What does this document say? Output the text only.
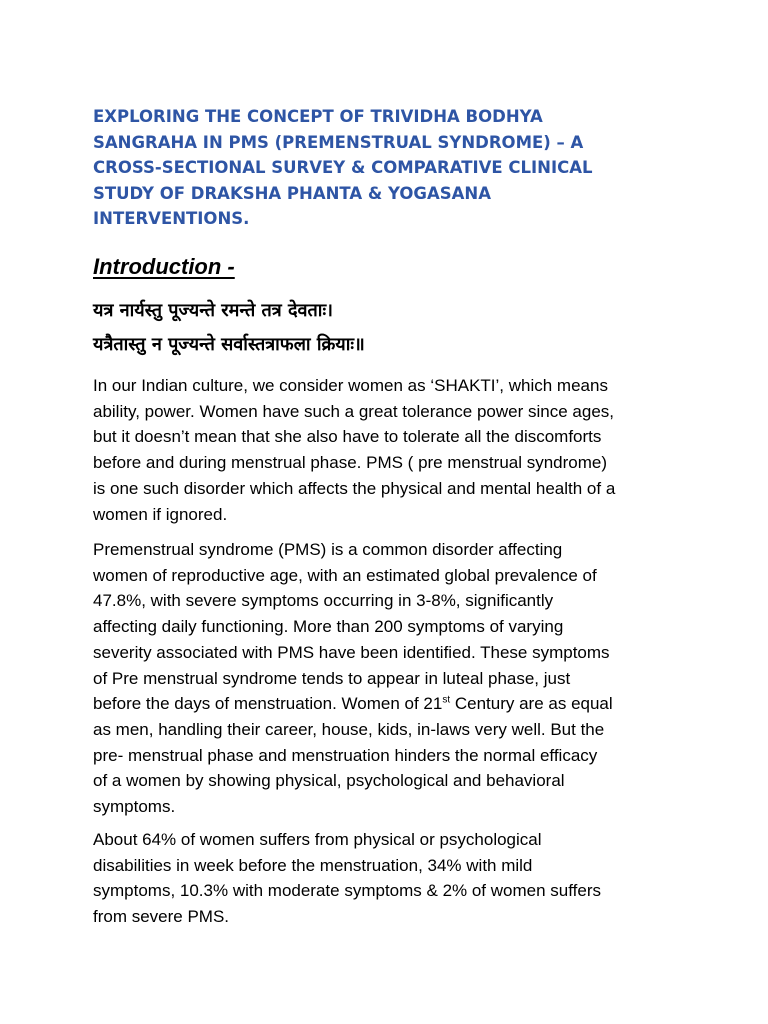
EXPLORING THE CONCEPT OF TRIVIDHA BODHYA
SANGRAHA IN PMS (PREMENSTRUAL SYNDROME) – A
CROSS-SECTIONAL SURVEY & COMPARATIVE CLINICAL
STUDY OF DRAKSHA PHANTA & YOGASANA
INTERVENTIONS.
Introduction -
यत्र नार्यस्तु पूज्यन्ते रमन्ते तत्र देवताः।
यत्रैतास्तु न पूज्यन्ते सर्वास्तत्राफला क्रियाः॥

In our Indian culture, we consider women as ‘SHAKTI’, which means
ability, power. Women have such a great tolerance power since ages,
but it doesn’t mean that she also have to tolerate all the discomforts
before and during menstrual phase. PMS ( pre menstrual syndrome)
is one such disorder which affects the physical and mental health of a
women if ignored.

Premenstrual syndrome (PMS) is a common disorder affecting
women of reproductive age, with an estimated global prevalence of
47.8%, with severe symptoms occurring in 3-8%, significantly
affecting daily functioning. More than 200 symptoms of varying
severity associated with PMS have been identified. These symptoms
of Pre menstrual syndrome tends to appear in luteal phase, just
before the days of menstruation. Women of 21st Century are as equal
as men, handling their career, house, kids, in-laws very well. But the
pre- menstrual phase and menstruation hinders the normal efficacy
of a women by showing physical, psychological and behavioral
symptoms.

About 64% of women suffers from physical or psychological
disabilities in week before the menstruation, 34% with mild
symptoms, 10.3% with moderate symptoms & 2% of women suffers
from severe PMS.
